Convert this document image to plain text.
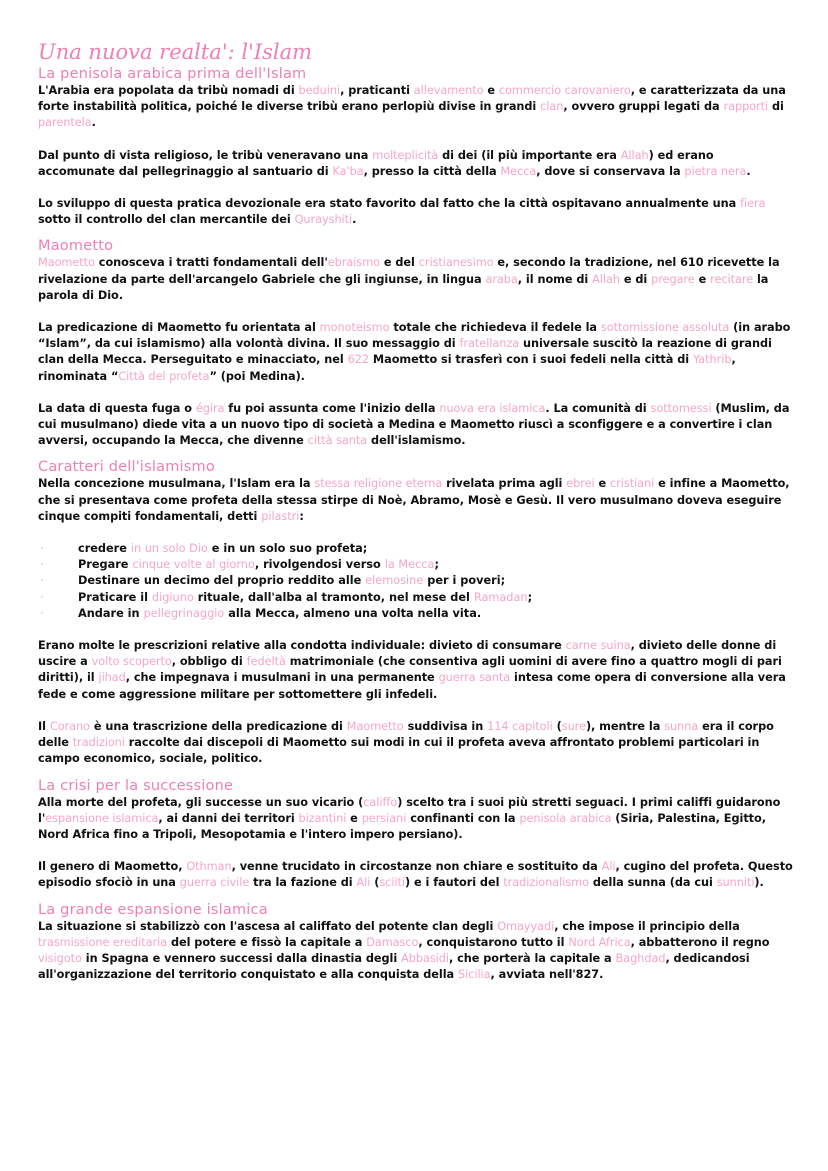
Una nuova realta': l'Islam
La penisola arabica prima dell'Islam

L'Arabia era popolata da tribù nomadi di beduini, praticanti allevamento e commercio carovaniero, e caratterizzata da una forte instabilità politica, poiché le diverse tribù erano perlopiù divise in grandi clan, ovvero gruppi legati da rapporti di parentela.

Dal punto di vista religioso, le tribù veneravano una molteplicità di dei (il più importante era Allah) ed erano accomunate dal pellegrinaggio al santuario di Ka'ba, presso la città della Mecca, dove si conservava la pietra nera.

Lo sviluppo di questa pratica devozionale era stato favorito dal fatto che la città ospitavano annualmente una fiera sotto il controllo del clan mercantile dei Qurayshiti.

Maometto

Maometto conosceva i tratti fondamentali dell'ebraismo e del cristianesimo e, secondo la tradizione, nel 610 ricevette la rivelazione da parte dell'arcangelo Gabriele che gli ingiunse, in lingua araba, il nome di Allah e di pregare e recitare la parola di Dio.

La predicazione di Maometto fu orientata al monoteismo totale che richiedeva il fedele la sottomissione assoluta (in arabo “Islam”, da cui islamismo) alla volontà divina. Il suo messaggio di fratellanza universale suscitò la reazione di grandi clan della Mecca. Perseguitato e minacciato, nel 622 Maometto si trasferì con i suoi fedeli nella città di Yathrib, rinominata “Città del profeta” (poi Medina).

La data di questa fuga o égira fu poi assunta come l'inizio della nuova era islamica. La comunità di sottomessi (Muslim, da cui musulmano) diede vita a un nuovo tipo di società a Medina e Maometto riuscì a sconfiggere e a convertire i clan avversi, occupando la Mecca, che divenne città santa dell'islamismo.

Caratteri dell'islamismo

Nella concezione musulmana, l'Islam era la stessa religione eterna rivelata prima agli ebrei e cristiani e infine a Maometto, che si presentava come profeta della stessa stirpe di Noè, Abramo, Mosè e Gesù. Il vero musulmano doveva eseguire cinque compiti fondamentali, detti pilastri:

·	credere in un solo Dio e in un solo suo profeta;
·	Pregare cinque volte al giorno, rivolgendosi verso la Mecca;
·	Destinare un decimo del proprio reddito alle elemosine per i poveri;
·	Praticare il digiuno rituale, dall'alba al tramonto, nel mese del Ramadan;
·	Andare in pellegrinaggio alla Mecca, almeno una volta nella vita.

Erano molte le prescrizioni relative alla condotta individuale: divieto di consumare carne suina, divieto delle donne di uscire a volto scoperto, obbligo di fedeltà matrimoniale (che consentiva agli uomini di avere fino a quattro mogli di pari diritti), il jihad, che impegnava i musulmani in una permanente guerra santa intesa come opera di conversione alla vera fede e come aggressione militare per sottomettere gli infedeli.

Il Corano è una trascrizione della predicazione di Maometto suddivisa in 114 capitoli (sure), mentre la sunna era il corpo delle tradizioni raccolte dai discepoli di Maometto sui modi in cui il profeta aveva affrontato problemi particolari in campo economico, sociale, politico.

La crisi per la successione

Alla morte del profeta, gli successe un suo vicario (califfo) scelto tra i suoi più stretti seguaci. I primi califfi guidarono l'espansione islamica, ai danni dei territori bizantini e persiani confinanti con la penisola arabica (Siria, Palestina, Egitto, Nord Africa fino a Tripoli, Mesopotamia e l'intero impero persiano).

Il genero di Maometto, Othman, venne trucidato in circostanze non chiare e sostituito da Ali, cugino del profeta. Questo episodio sfociò in una guerra civile tra la fazione di Ali (sciiti) e i fautori del tradizionalismo della sunna (da cui sunniti).

La grande espansione islamica

La situazione si stabilizzò con l'ascesa al califfato del potente clan degli Omayyadi, che impose il principio della trasmissione ereditaria del potere e fissò la capitale a Damasco, conquistarono tutto il Nord Africa, abbatterono il regno visigoto in Spagna e vennero successi dalla dinastia degli Abbasidi, che porterà la capitale a Baghdad, dedicandosi all'organizzazione del territorio conquistato e alla conquista della Sicilia, avviata nell'827.
